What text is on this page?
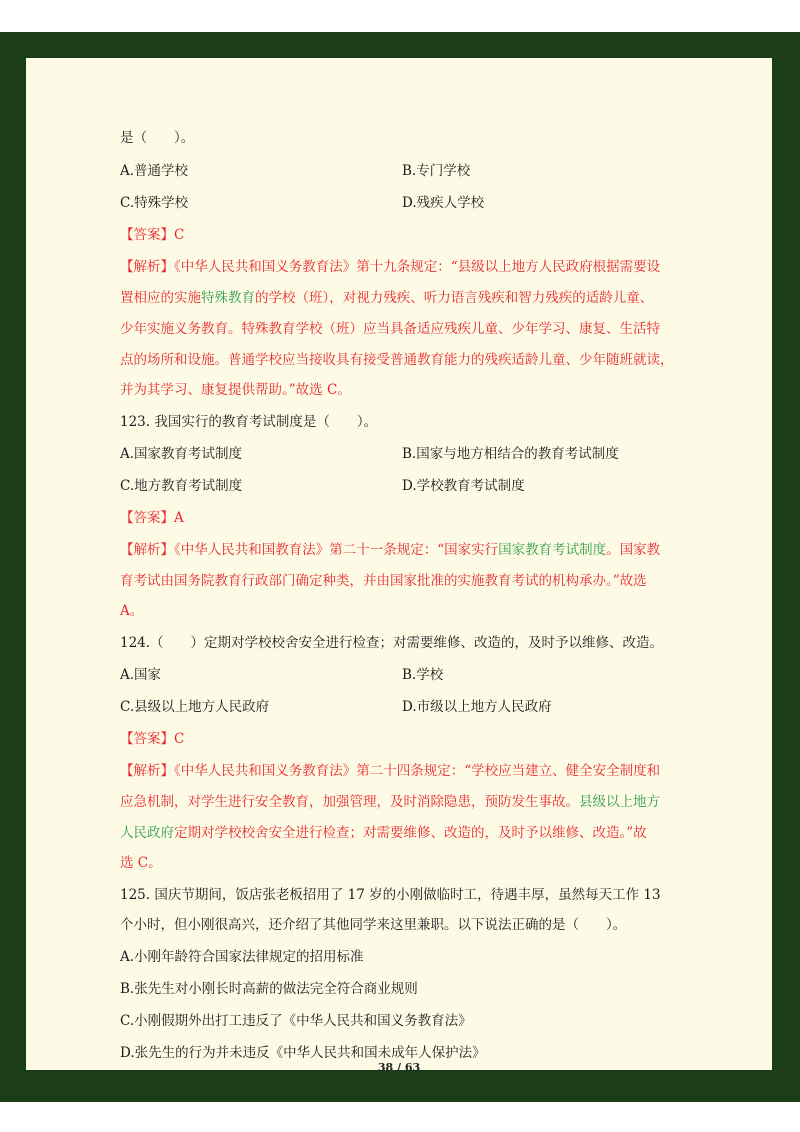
是（　　）。
A.普通学校	B.专门学校
C.特殊学校	D.残疾人学校
【答案】C
【解析】《中华人民共和国义务教育法》第十九条规定：“县级以上地方人民政府根据需要设
置相应的实施特殊教育的学校（班），对视力残疾、听力语言残疾和智力残疾的适龄儿童、
少年实施义务教育。特殊教育学校（班）应当具备适应残疾儿童、少年学习、康复、生活特
点的场所和设施。普通学校应当接收具有接受普通教育能力的残疾适龄儿童、少年随班就读，
并为其学习、康复提供帮助。”故选 C。
123. 我国实行的教育考试制度是（　　）。
A.国家教育考试制度	B.国家与地方相结合的教育考试制度
C.地方教育考试制度	D.学校教育考试制度
【答案】A
【解析】《中华人民共和国教育法》第二十一条规定：“国家实行国家教育考试制度。国家教
育考试由国务院教育行政部门确定种类，并由国家批准的实施教育考试的机构承办。”故选
A。
124.（　　）定期对学校校舍安全进行检查；对需要维修、改造的，及时予以维修、改造。
A.国家	B.学校
C.县级以上地方人民政府	D.市级以上地方人民政府
【答案】C
【解析】《中华人民共和国义务教育法》第二十四条规定：“学校应当建立、健全安全制度和
应急机制，对学生进行安全教育，加强管理，及时消除隐患，预防发生事故。县级以上地方
人民政府定期对学校校舍安全进行检查；对需要维修、改造的，及时予以维修、改造。”故
选 C。
125. 国庆节期间，饭店张老板招用了 17 岁的小刚做临时工，待遇丰厚，虽然每天工作 13
个小时，但小刚很高兴，还介绍了其他同学来这里兼职。以下说法正确的是（　　）。
A.小刚年龄符合国家法律规定的招用标准
B.张先生对小刚长时高薪的做法完全符合商业规则
C.小刚假期外出打工违反了《中华人民共和国义务教育法》
D.张先生的行为并未违反《中华人民共和国未成年人保护法》
38 / 63
